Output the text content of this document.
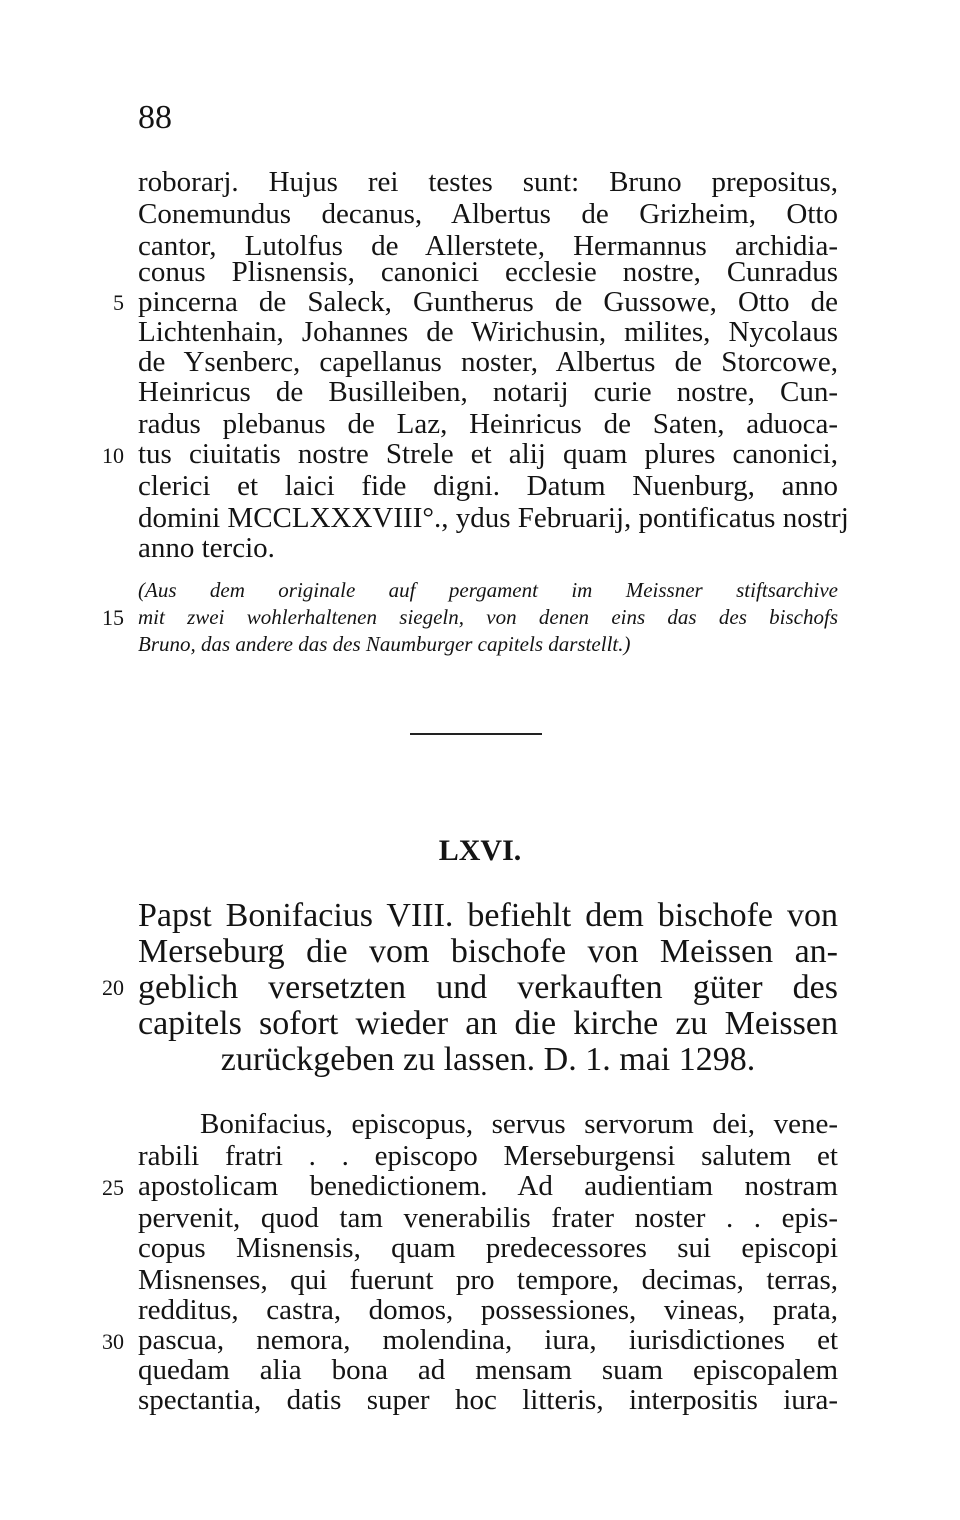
88
roborarj. Hujus rei testes sunt: Bruno prepositus,
Conemundus decanus, Albertus de Grizheim, Otto
cantor, Lutolfus de Allerstete, Hermannus archidia-
conus Plisnensis, canonici ecclesie nostre, Cunradus
pincerna de Saleck, Guntherus de Gussowe, Otto de
Lichtenhain, Johannes de Wirichusin, milites, Nycolaus
de Ysenberc, capellanus noster, Albertus de Storcowe,
Heinricus de Busilleiben, notarij curie nostre, Cun-
radus plebanus de Laz, Heinricus de Saten, aduoca-
tus ciuitatis nostre Strele et alij quam plures canonici,
clerici et laici fide digni. Datum Nuenburg, anno
domini MCCLXXXVIII°., ydus Februarij, pontificatus nostrj
anno tercio.
(Aus dem originale auf pergament im Meissner stiftsarchive
mit zwei wohlerhaltenen siegeln, von denen eins das des bischofs
Bruno, das andere das des Naumburger capitels darstellt.)
LXVI.
Papst Bonifacius VIII. befiehlt dem bischofe von
Merseburg die vom bischofe von Meissen an-
geblich versetzten und verkauften güter des
capitels sofort wieder an die kirche zu Meissen
zurückgeben zu lassen. D. 1. mai 1298.
Bonifacius, episcopus, servus servorum dei, vene-
rabili fratri . . episcopo Merseburgensi salutem et
apostolicam benedictionem. Ad audientiam nostram
pervenit, quod tam venerabilis frater noster . . epis-
copus Misnensis, quam predecessores sui episcopi
Misnenses, qui fuerunt pro tempore, decimas, terras,
redditus, castra, domos, possessiones, vineas, prata,
pascua, nemora, molendina, iura, iurisdictiones et
quedam alia bona ad mensam suam episcopalem
spectantia, datis super hoc litteris, interpositis iura-
5
10
15
20
25
30
